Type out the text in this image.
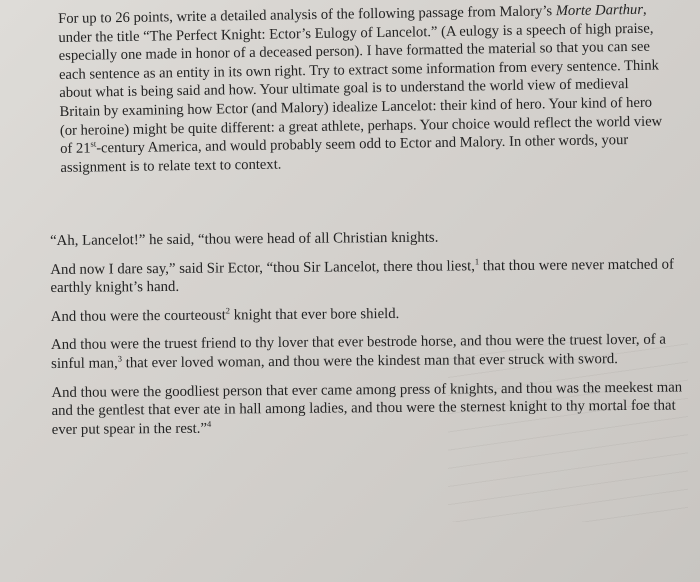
For up to 26 points, write a detailed analysis of the following passage from Malory’s Morte Darthur, under the title “The Perfect Knight: Ector’s Eulogy of Lancelot.” (A eulogy is a speech of high praise, especially one made in honor of a deceased person). I have formatted the material so that you can see each sentence as an entity in its own right. Try to extract some information from every sentence. Think about what is being said and how. Your ultimate goal is to understand the world view of medieval Britain by examining how Ector (and Malory) idealize Lancelot: their kind of hero. Your kind of hero (or heroine) might be quite different: a great athlete, perhaps. Your choice would reflect the world view of 21st-century America, and would probably seem odd to Ector and Malory. In other words, your assignment is to relate text to context.

“Ah, Lancelot!” he said, “thou were head of all Christian knights.

And now I dare say,” said Sir Ector, “thou Sir Lancelot, there thou liest,$^1$ that thou were never matched of earthly knight’s hand.

And thou were the courteoust$^2$ knight that ever bore shield.

And thou were the truest friend to thy lover that ever bestrode horse, and thou were the truest lover, of a sinful man,$^3$ that ever loved woman, and thou were the kindest man that ever struck with sword.

And thou were the goodliest person that ever came among press of knights, and thou was the meekest man and the gentlest that ever ate in hall among ladies, and thou were the sternest knight to thy mortal foe that ever put spear in the rest.”$^4$
